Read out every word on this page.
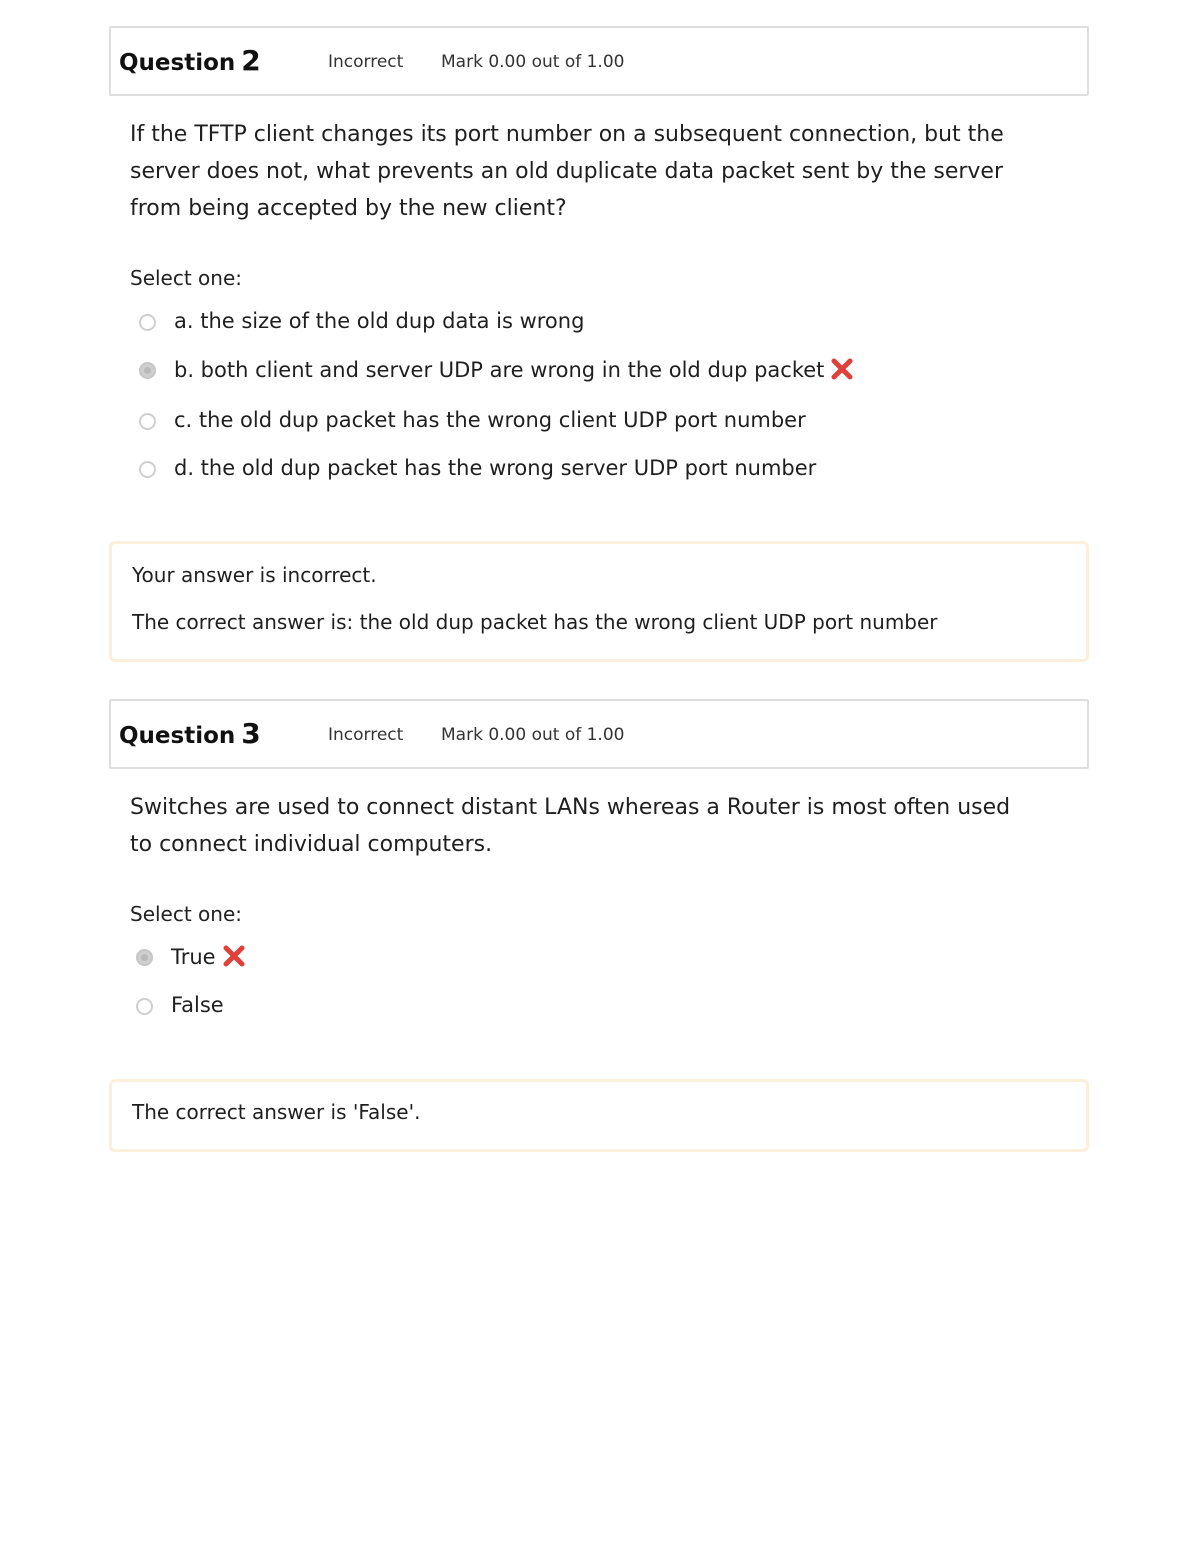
Question 2	Incorrect Mark 0.00 out of 1.00
If the TFTP client changes its port number on a subsequent connection, but the server does not, what prevents an old duplicate data packet sent by the server from being accepted by the new client?
Select one:
a. the size of the old dup data is wrong
b. both client and server UDP are wrong in the old dup packet
c. the old dup packet has the wrong client UDP port number
d. the old dup packet has the wrong server UDP port number
Your answer is incorrect.
The correct answer is: the old dup packet has the wrong client UDP port number
Question 3	Incorrect Mark 0.00 out of 1.00
Switches are used to connect distant LANs whereas a Router is most often used to connect individual computers.
Select one:
True
False
The correct answer is 'False'.
